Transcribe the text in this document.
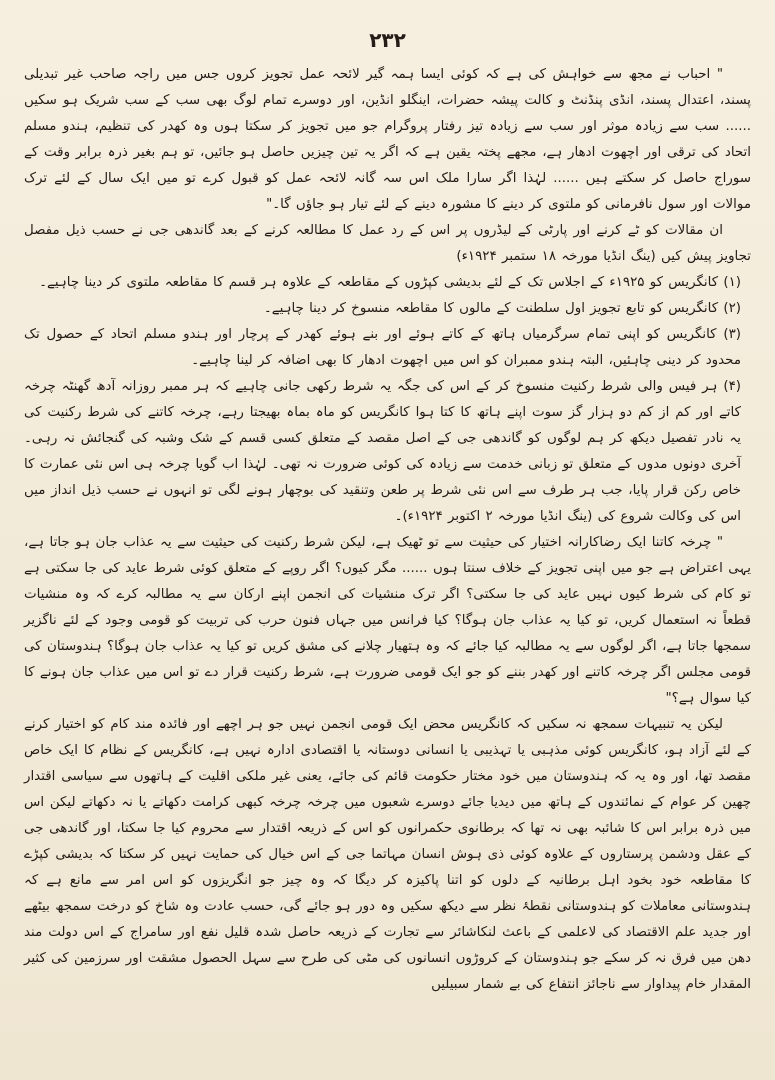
۲۳۲

" احباب نے مجھ سے خواہش کی ہے کہ کوئی ایسا ہمہ گیر لائحہ عمل تجویز کروں جس میں راجہ صاحب غیر تبدیلی پسند، اعتدال پسند، انڈی پنڈنٹ و کالت پیشہ حضرات، اینگلو انڈین، اور دوسرے تمام لوگ بھی سب کے سب شریک ہو سکیں ...... سب سے زیادہ موثر اور سب سے زیادہ تیز رفتار پروگرام جو میں تجویز کر سکتا ہوں وہ کھدر کی تنظیم، ہندو مسلم اتحاد کی ترقی اور اچھوت ادھار ہے، مجھے پختہ یقین ہے کہ اگر یہ تین چیزیں حاصل ہو جائیں، تو ہم بغیر ذرہ برابر وقت کے سوراج حاصل کر سکتے ہیں ...... لہٰذا اگر سارا ملک اس سہ گانہ لائحہ عمل کو قبول کرے تو میں ایک سال کے لئے ترک موالات اور سول نافرمانی کو ملتوی کر دینے کا مشورہ دینے کے لئے تیار ہو جاؤں گا۔"

ان مقالات کو ٹے کرنے اور پارٹی کے لیڈروں پر اس کے رد عمل کا مطالعہ کرنے کے بعد گاندھی جی نے حسب ذیل مفصل تجاویز پیش کیں (ینگ انڈیا مورخہ ۱۸ ستمبر ۱۹۲۴ء)

(۱) کانگریس کو ۱۹۲۵ء کے اجلاس تک کے لئے بدیشی کپڑوں کے مقاطعہ کے علاوہ ہر قسم کا مقاطعہ ملتوی کر دینا چاہیے۔

(۲) کانگریس کو تابع تجویز اول سلطنت کے مالوں کا مقاطعہ منسوخ کر دینا چاہیے۔

(۳) کانگریس کو اپنی تمام سرگرمیاں ہاتھ کے کاتے ہوئے اور بنے ہوئے کھدر کے پرچار اور ہندو مسلم اتحاد کے حصول تک محدود کر دینی چاہئیں، البتہ ہندو ممبران کو اس میں اچھوت ادھار کا بھی اضافہ کر لینا چاہیے۔

(۴) ہر فیس والی شرط رکنیت منسوخ کر کے اس کی جگہ یہ شرط رکھی جانی چاہیے کہ ہر ممبر روزانہ آدھ گھنٹہ چرخہ کاتے اور کم از کم دو ہزار گز سوت اپنے ہاتھ کا کتا ہوا کانگریس کو ماہ بماہ بھیجتا رہے، چرخہ کاتنے کی شرط رکنیت کی یہ نادر تفصیل دیکھ کر ہم لوگوں کو گاندھی جی کے اصل مقصد کے متعلق کسی قسم کے شک وشبہ کی گنجائش نہ رہی۔ آخری دونوں مدوں کے متعلق تو زبانی خدمت سے زیادہ کی کوئی ضرورت نہ تھی۔ لہٰذا اب گویا چرخہ ہی اس نئی عمارت کا خاص رکن قرار پایا، جب ہر طرف سے اس نئی شرط پر طعن وتنقید کی بوچھار ہونے لگی تو انہوں نے حسب ذیل انداز میں اس کی وکالت شروع کی (ینگ انڈیا مورخہ ۲ اکتوبر ۱۹۲۴ء)۔

" چرخہ کاتنا ایک رضاکارانہ اختیار کی حیثیت سے تو ٹھیک ہے، لیکن شرط رکنیت کی حیثیت سے یہ عذاب جان ہو جاتا ہے، یہی اعتراض ہے جو میں اپنی تجویز کے خلاف سنتا ہوں ...... مگر کیوں؟ اگر روپے کے متعلق کوئی شرط عاید کی جا سکتی ہے تو کام کی شرط کیوں نہیں عاید کی جا سکتی؟ اگر ترک منشیات کی انجمن اپنے ارکان سے یہ مطالبہ کرے کہ وہ منشیات قطعاً نہ استعمال کریں، تو کیا یہ عذاب جان ہوگا؟ کیا فرانس میں جہاں فنون حرب کی تربیت کو قومی وجود کے لئے ناگزیر سمجھا جاتا ہے، اگر لوگوں سے یہ مطالبہ کیا جائے کہ وہ ہتھیار چلانے کی مشق کریں تو کیا یہ عذاب جان ہوگا؟ ہندوستان کی قومی مجلس اگر چرخہ کاتنے اور کھدر بننے کو جو ایک قومی ضرورت ہے، شرط رکنیت قرار دے تو اس میں عذاب جان ہونے کا کیا سوال ہے؟"

لیکن یہ تنبیہات سمجھ نہ سکیں کہ کانگریس محض ایک قومی انجمن نہیں جو ہر اچھے اور فائدہ مند کام کو اختیار کرنے کے لئے آزاد ہو، کانگریس کوئی مذہبی یا تہذیبی یا انسانی دوستانہ یا اقتصادی ادارہ نہیں ہے، کانگریس کے نظام کا ایک خاص مقصد تھا، اور وہ یہ کہ ہندوستان میں خود مختار حکومت قائم کی جائے، یعنی غیر ملکی اقلیت کے ہاتھوں سے سیاسی اقتدار چھین کر عوام کے نمائندوں کے ہاتھ میں دیدیا جائے دوسرے شعبوں میں چرخہ چرخہ کبھی کرامت دکھاتے یا نہ دکھاتے لیکن اس میں ذرہ برابر اس کا شائبہ بھی نہ تھا کہ برطانوی حکمرانوں کو اس کے ذریعہ اقتدار سے محروم کیا جا سکتا، اور گاندھی جی کے عقل ودشمن پرستاروں کے علاوہ کوئی ذی ہوش انسان مہاتما جی کے اس خیال کی حمایت نہیں کر سکتا کہ بدیشی کپڑے کا مقاطعہ خود بخود اہل برطانیہ کے دلوں کو اتنا پاکیزہ کر دیگا کہ وہ چیز جو انگریزوں کو اس امر سے مانع ہے کہ ہندوستانی معاملات کو ہندوستانی نقطۂ نظر سے دیکھ سکیں وہ دور ہو جائے گی، حسب عادت وہ شاخ کو درخت سمجھ بیٹھے اور جدید علم الاقتصاد کی لاعلمی کے باعث لنکاشائر سے تجارت کے ذریعہ حاصل شدہ قلیل نفع اور سامراج کے اس دولت مند دھن میں فرق نہ کر سکے جو ہندوستان کے کروڑوں انسانوں کی مٹی کی طرح سے سہل الحصول مشقت اور سرزمین کی کثیر المقدار خام پیداوار سے ناجائز انتفاع کی بے شمار سبیلیں
